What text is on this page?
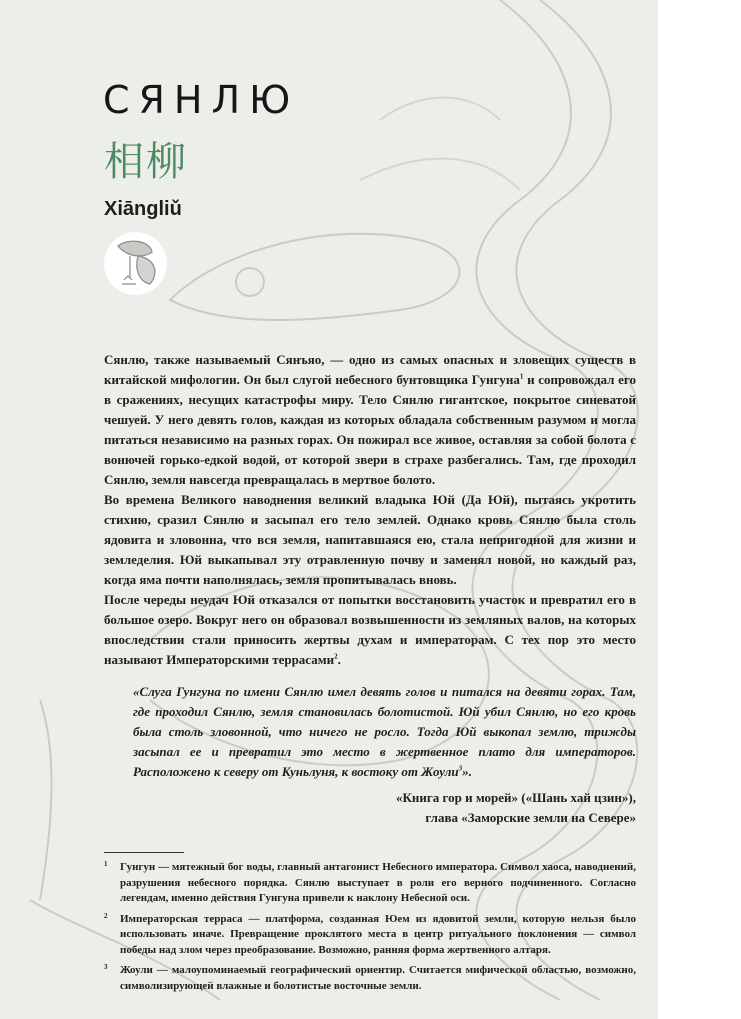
СЯНЛЮ
相柳
Xiāngliǔ

Сянлю, также называемый Сянъяо, — одно из самых опасных и зловещих существ в китайской мифологии. Он был слугой небесного бунтовщика Гунгуна$^1$ и сопровождал его в сражениях, несущих катастрофы миру. Тело Сянлю гигантское, покрытое синеватой чешуей. У него девять голов, каждая из которых обладала собственным разумом и могла питаться независимо на разных горах. Он пожирал все живое, оставляя за собой болота с вонючей горько-едкой водой, от которой звери в страхе разбегались. Там, где проходил Сянлю, земля навсегда превращалась в мертвое болото.

Во времена Великого наводнения великий владыка Юй (Да Юй), пытаясь укротить стихию, сразил Сянлю и засыпал его тело землей. Однако кровь Сянлю была столь ядовита и зловонна, что вся земля, напитавшаяся ею, стала непригодной для жизни и земледелия. Юй выкапывал эту отравленную почву и заменял новой, но каждый раз, когда яма почти наполнялась, земля пропитывалась вновь.

После череды неудач Юй отказался от попытки восстановить участок и превратил его в большое озеро. Вокруг него он образовал возвышенности из земляных валов, на которых впоследствии стали приносить жертвы духам и императорам. С тех пор это место называют Императорскими террасами$^2$.

«Слуга Гунгуна по имени Сянлю имел девять голов и питался на девяти горах. Там, где проходил Сянлю, земля становилась болотистой. Юй убил Сянлю, но его кровь была столь зловонной, что ничего не росло. Тогда Юй выкопал землю, трижды засыпал ее и превратил это место в жертвенное плато для императоров. Расположено к северу от Куньлуня, к востоку от Жоули$^3$».
«Книга гор и морей» («Шань хай цзин»),
глава «Заморские земли на Севере»
1 Гунгун — мятежный бог воды, главный антагонист Небесного императора. Символ хаоса, наводнений, разрушения небесного порядка. Сянлю выступает в роли его верного подчиненного. Согласно легендам, именно действия Гунгуна привели к наклону Небесной оси.
2 Императорская терраса — платформа, созданная Юем из ядовитой земли, которую нельзя было использовать иначе. Превращение проклятого места в центр ритуального поклонения — символ победы над злом через преобразование. Возможно, ранняя форма жертвенного алтаря.
3 Жоули — малоупоминаемый географический ориентир. Считается мифической областью, возможно, символизирующей влажные и болотистые восточные земли.
